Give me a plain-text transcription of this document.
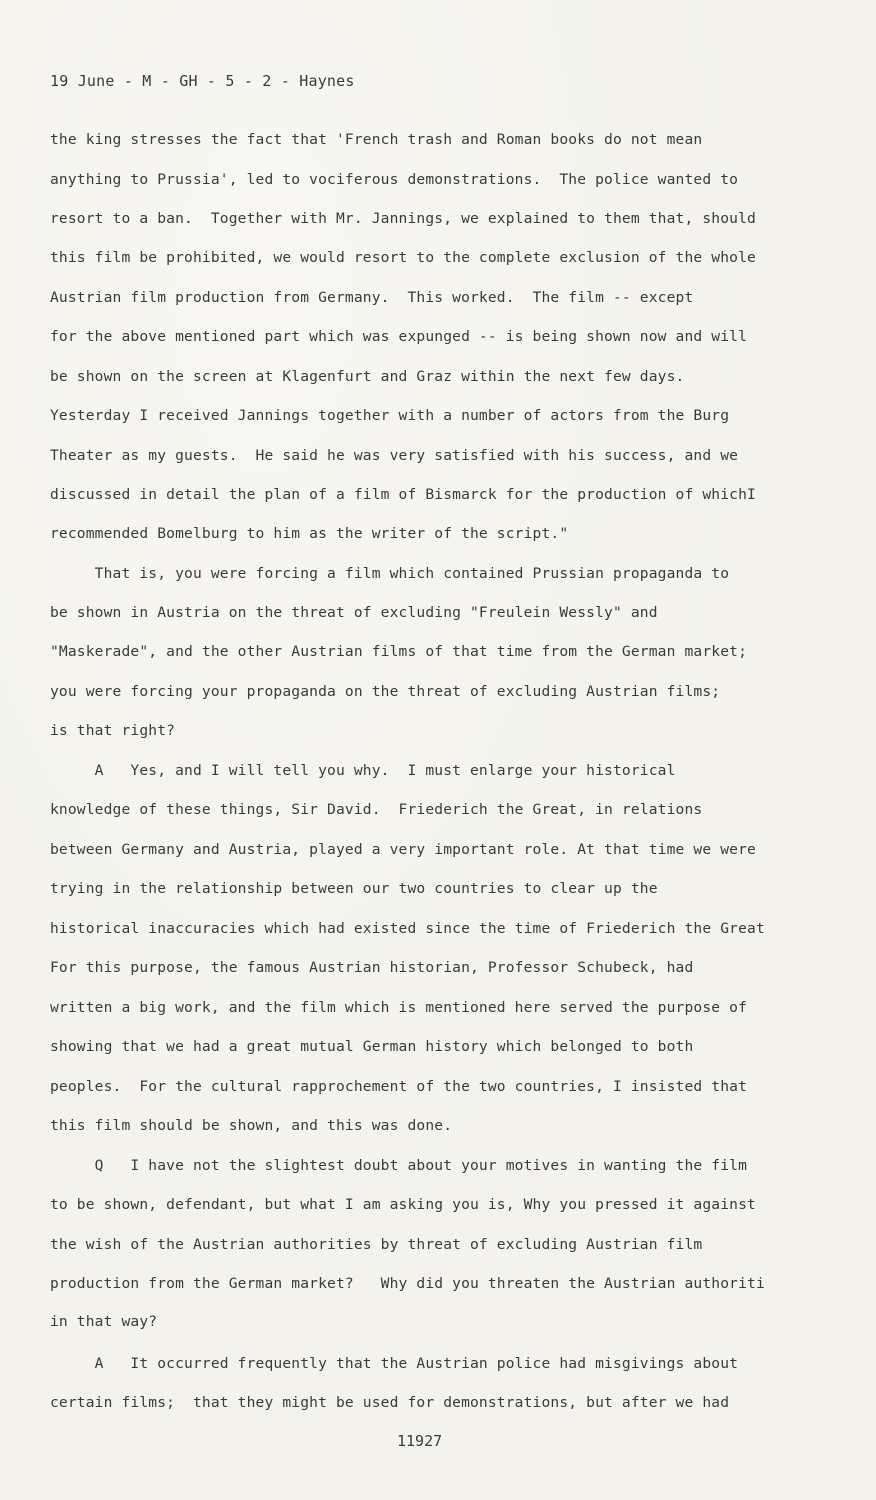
19 June - M - GH - 5 - 2 - Haynes
the king stresses the fact that 'French trash and Roman books do not mean
anything to Prussia', led to vociferous demonstrations.  The police wanted to
resort to a ban.  Together with Mr. Jannings, we explained to them that, should
this film be prohibited, we would resort to the complete exclusion of the whole
Austrian film production from Germany.  This worked.  The film -- except
for the above mentioned part which was expunged -- is being shown now and will
be shown on the screen at Klagenfurt and Graz within the next few days.
Yesterday I received Jannings together with a number of actors from the Burg
Theater as my guests.  He said he was very satisfied with his success, and we
discussed in detail the plan of a film of Bismarck for the production of whichI
recommended Bomelburg to him as the writer of the script."
That is, you were forcing a film which contained Prussian propaganda to
be shown in Austria on the threat of excluding "Freulein Wessly" and
"Maskerade", and the other Austrian films of that time from the German market;
you were forcing your propaganda on the threat of excluding Austrian films;
is that right?
A   Yes, and I will tell you why.  I must enlarge your historical
knowledge of these things, Sir David.  Friederich the Great, in relations
between Germany and Austria, played a very important role. At that time we were
trying in the relationship between our two countries to clear up the
historical inaccuracies which had existed since the time of Friederich the Great
For this purpose, the famous Austrian historian, Professor Schubeck, had
written a big work, and the film which is mentioned here served the purpose of
showing that we had a great mutual German history which belonged to both
peoples.  For the cultural rapprochement of the two countries, I insisted that
this film should be shown, and this was done.
Q   I have not the slightest doubt about your motives in wanting the film
to be shown, defendant, but what I am asking you is, Why you pressed it against
the wish of the Austrian authorities by threat of excluding Austrian film
production from the German market?   Why did you threaten the Austrian authoriti
in that way?
A   It occurred frequently that the Austrian police had misgivings about
certain films;  that they might be used for demonstrations, but after we had
11927
